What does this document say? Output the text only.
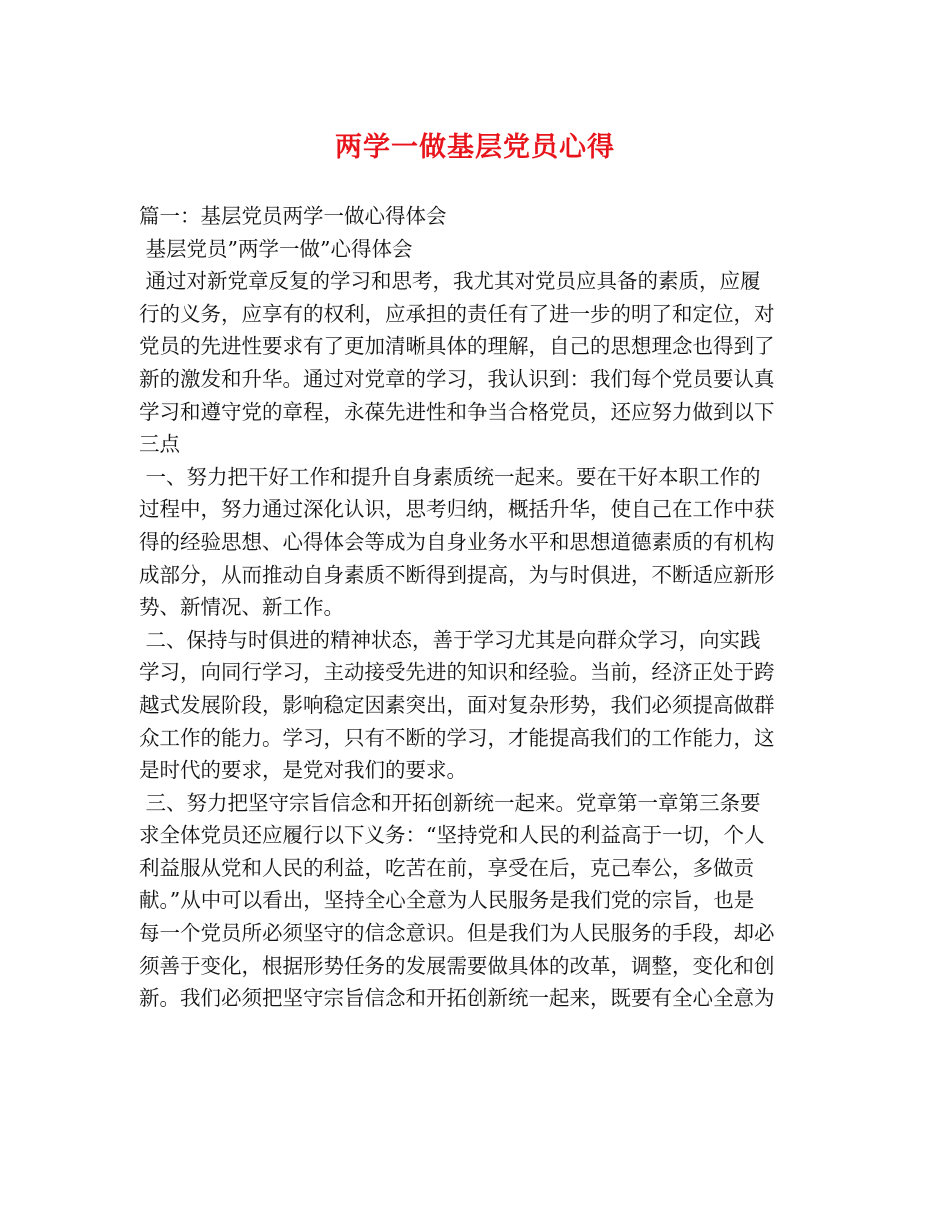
两学一做基层党员心得
篇一：基层党员两学一做心得体会
基层党员”两学一做”心得体会
通过对新党章反复的学习和思考，我尤其对党员应具备的素质，应履
行的义务，应享有的权利，应承担的责任有了进一步的明了和定位，对
党员的先进性要求有了更加清晰具体的理解，自己的思想理念也得到了
新的激发和升华。通过对党章的学习，我认识到：我们每个党员要认真
学习和遵守党的章程，永葆先进性和争当合格党员，还应努力做到以下
三点
一、努力把干好工作和提升自身素质统一起来。要在干好本职工作的
过程中，努力通过深化认识，思考归纳，概括升华，使自己在工作中获
得的经验思想、心得体会等成为自身业务水平和思想道德素质的有机构
成部分，从而推动自身素质不断得到提高，为与时俱进，不断适应新形
势、新情况、新工作。
二、保持与时俱进的精神状态，善于学习尤其是向群众学习，向实践
学习，向同行学习，主动接受先进的知识和经验。当前，经济正处于跨
越式发展阶段，影响稳定因素突出，面对复杂形势，我们必须提高做群
众工作的能力。学习，只有不断的学习，才能提高我们的工作能力，这
是时代的要求，是党对我们的要求。
三、努力把坚守宗旨信念和开拓创新统一起来。党章第一章第三条要
求全体党员还应履行以下义务：“坚持党和人民的利益高于一切，个人
利益服从党和人民的利益，吃苦在前，享受在后，克己奉公，多做贡
献。”从中可以看出，坚持全心全意为人民服务是我们党的宗旨，也是
每一个党员所必须坚守的信念意识。但是我们为人民服务的手段，却必
须善于变化，根据形势任务的发展需要做具体的改革，调整，变化和创
新。我们必须把坚守宗旨信念和开拓创新统一起来，既要有全心全意为
